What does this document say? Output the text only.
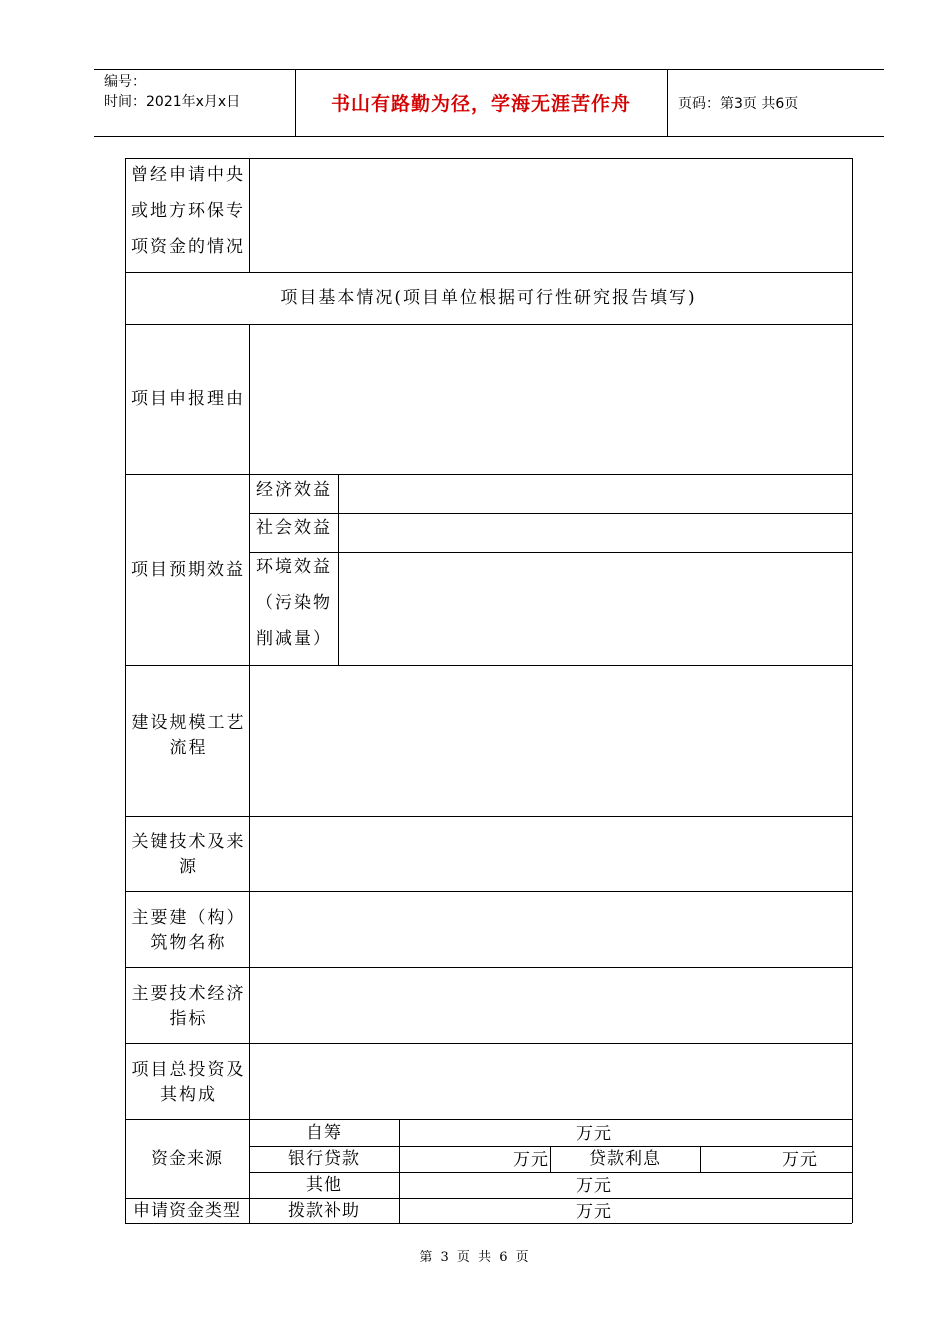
编号：
时间：2021年x月x日	书山有路勤为径，学海无涯苦作舟	页码：第3页 共6页
曾经申请中央
或地方环保专
项资金的情况
项目基本情况(项目单位根据可行性研究报告填写)
项目申报理由
项目预期效益
经济效益
社会效益
环境效益
（污染物
削减量）
建设规模工艺
流程
关键技术及来
源
主要建（构）
筑物名称
主要技术经济
指标
项目总投资及
其构成
资金来源
自筹	万元
银行贷款	万元	贷款利息	万元
其他	万元
申请资金类型	拨款补助	万元
第 3 页 共 6 页
